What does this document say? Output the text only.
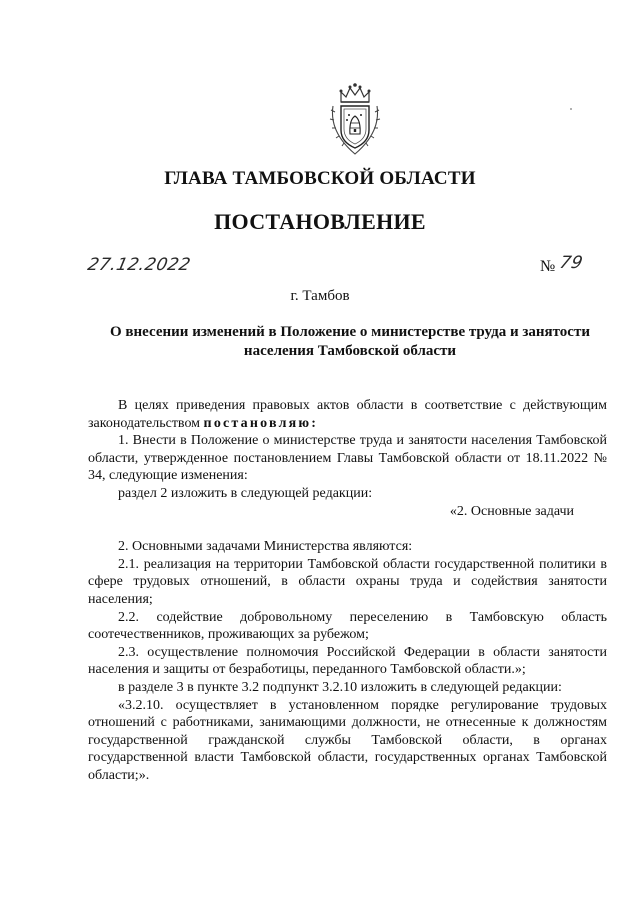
ГЛАВА ТАМБОВСКОЙ ОБЛАСТИ
ПОСТАНОВЛЕНИЕ
27.12.2022	№ 79
г. Тамбов
О внесении изменений в Положение о министерстве труда и занятости населения Тамбовской области

В целях приведения правовых актов области в соответствие с действующим законодательством постановляю:

1. Внести в Положение о министерстве труда и занятости населения Тамбовской области, утвержденное постановлением Главы Тамбовской области от 18.11.2022 № 34, следующие изменения:

раздел 2 изложить в следующей редакции:

«2. Основные задачи

2. Основными задачами Министерства являются:

2.1. реализация на территории Тамбовской области государственной политики в сфере трудовых отношений, в области охраны труда и содействия занятости населения;

2.2. содействие добровольному переселению в Тамбовскую область соотечественников, проживающих за рубежом;

2.3. осуществление полномочия Российской Федерации в области занятости населения и защиты от безработицы, переданного Тамбовской области.»;

в разделе 3 в пункте 3.2 подпункт 3.2.10 изложить в следующей редакции:

«3.2.10. осуществляет в установленном порядке регулирование трудовых отношений с работниками, занимающими должности, не отнесенные к должностям государственной гражданской службы Тамбовской области, в органах государственной власти Тамбовской области, государственных органах Тамбовской области;».
